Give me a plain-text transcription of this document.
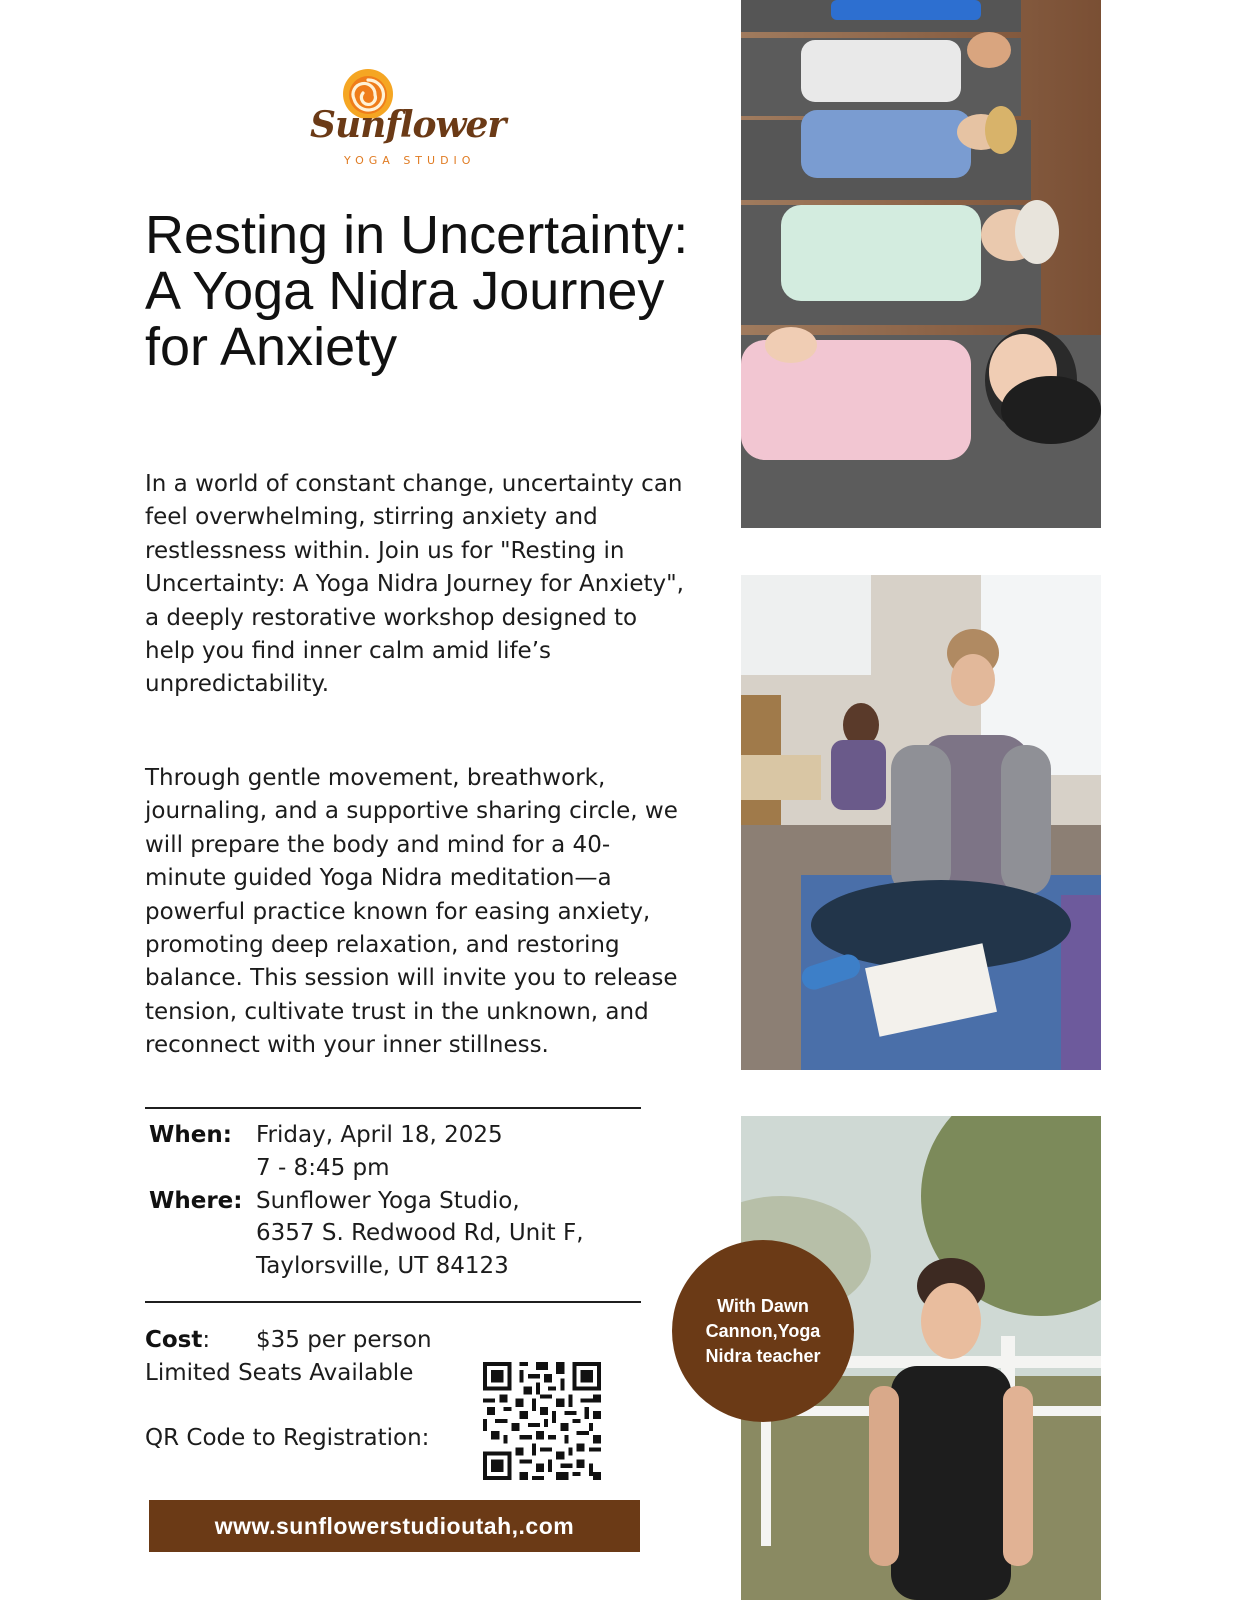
Sunflower
YOGA STUDIO
Resting in Uncertainty: A Yoga Nidra Journey for Anxiety

In a world of constant change, uncertainty can feel overwhelming, stirring anxiety and restlessness within. Join us for "Resting in Uncertainty: A Yoga Nidra Journey for Anxiety", a deeply restorative workshop designed to help you find inner calm amid life’s unpredictability.

Through gentle movement, breathwork, journaling, and a supportive sharing circle, we will prepare the body and mind for a 40-minute guided Yoga Nidra meditation—a powerful practice known for easing anxiety, promoting deep relaxation, and restoring balance. This session will invite you to release tension, cultivate trust in the unknown, and reconnect with your inner stillness.

When: Friday, April 18, 2025
7 - 8:45 pm
Where: Sunflower Yoga Studio,
6357 S. Redwood Rd, Unit F,
Taylorsville, UT 84123
Cost: $35 per person
Limited Seats Available
QR Code to Registration:
www.sunflowerstudioutah,.com
With Dawn Cannon,Yoga Nidra teacher
